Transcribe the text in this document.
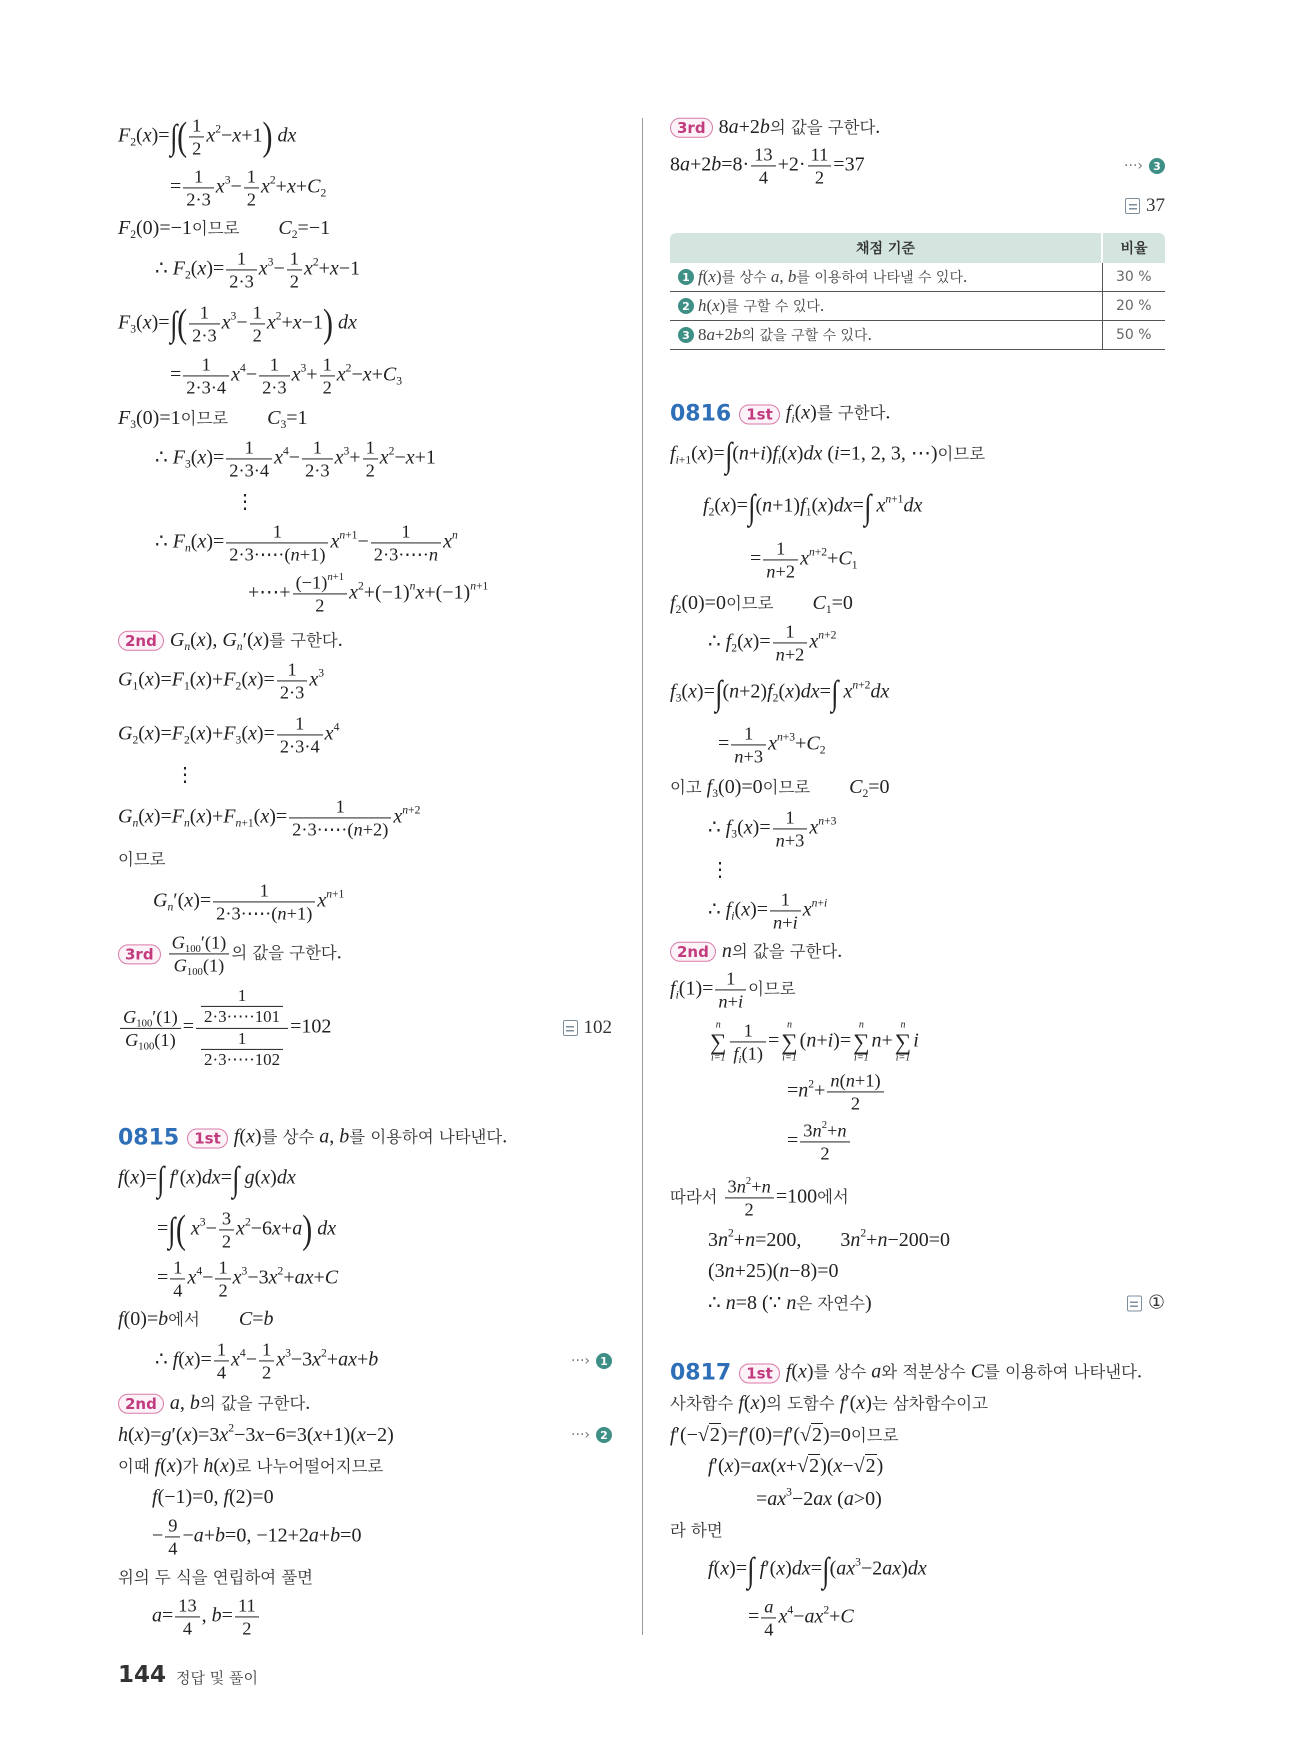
$F_2(x)=\int( \frac{1}{2} x^2-x+1)$ dx
= $\frac{1}{2\cdot 3} x^3- \frac{1}{2} x^2+x+C_2$
$F_2(0)=-1$이므로 $C_2=-1$
∴ $F_2(x)= \frac{1}{2\cdot 3} x^3- \frac{1}{2} x^2+x-1$
$F_3(x)=\int( \frac{1}{2\cdot 3} x^3- \frac{1}{2} x^2+x-1)$ dx
= $\frac{1}{2\cdot 3\cdot 4} x^4- \frac{1}{2\cdot 3} x^3+ \frac{1}{2} x^2-x+C_3$
$F_3(0)=1$이므로 $C_3=1$
∴ $F_3(x)= \frac{1}{2\cdot 3\cdot 4} x^4- \frac{1}{2\cdot 3} x^3+ \frac{1}{2} x^2-x+1$
⋮
∴ $F_n(x)= \frac{1}{2\cdot 3\cdot\cdots\cdot(n+1)} x^{n+1}- \frac{1}{2\cdot 3\cdot\cdots\cdot n} x^n$
+⋯+ $\frac{(-1)^{n+1}}{2} x^2+(-1)^nx+(-1)^{n+1}$
2nd $G_n(x)$, $G_n'(x)$를 구한다.
$G_1(x)=F_1(x)+F_2(x)= \frac{1}{2\cdot 3} x^3$
$G_2(x)=F_2(x)+F_3(x)= \frac{1}{2\cdot 3\cdot 4} x^4$
⋮
$G_n(x)=F_n(x)+F_{n+1}(x)= \frac{1}{2\cdot 3\cdot\cdots\cdot(n+2)} x^{n+2}$
이므로
$G_n'(x)= \frac{1}{2\cdot 3\cdot\cdots\cdot(n+1)} x^{n+1}$
$3rd \frac{G_{100}'(1)}{G_{100}(1)}$ 의 값을 구한다.
$\frac{G_{100}'(1)}{G_{100}(1)} = \frac{\frac{1}{2\cdot 3\cdot\cdots\cdot 101}}{\frac{1}{2\cdot 3\cdot\cdots\cdot 102}} =102$	102
0815 1st f(x)를 상수 a, b를 이용하여 나타낸다.
f(x)=∫ f′(x)dx=∫ g(x)dx
=∫( $x^3- \frac{3}{2} x^2-6x+a$) dx
= $\frac{1}{4} x^4- \frac{1}{2} x^3-3x^2+ax+C$
f(0)=b에서 C=b
∴ $f(x)= \frac{1}{4} x^4- \frac{1}{2} x^3-3x^2+ax+b$	···› 1
2nd a, b의 값을 구한다.
$h(x)=g'(x)=3x^2-3x-6=3(x+1)(x-2)$	···› 2
이때 f(x)가 h(x)로 나누어떨어지므로
f(−1)=0, f(2)=0
− $\frac{9}{4} -a+b=0$, −12+2a+b=0
위의 두 식을 연립하여 풀면
$a= \frac{13}{4}$ , $b= \frac{11}{2}$
3rd 8a+2b의 값을 구한다.
$8a+2b=8\cdot \frac{13}{4} +2\cdot \frac{11}{2} =37$	···› 3
37
채점 기준	비율

1 f(x)를 상수 a, b를 이용하여 나타낼 수 있다.	30 %

2 h(x)를 구할 수 있다.	20 %

3 8a+2b의 값을 구할 수 있다.	50 %
0816 1st $f_i(x)$를 구한다.
$f_{i+1}(x)=\int(n+i)f_i(x)dx$ (i=1, 2, 3, ⋯)이므로
$f_2(x)=\int(n+1)f_1(x)dx=\int$ $x^{n+1}dx$
= $\frac{1}{n+2} x^{n+2}+C_1$
$f_2(0)=0$이므로 $C_1=0$
∴ $f_2(x)= \frac{1}{n+2} x^{n+2}$
$f_3(x)=\int(n+2)f_2(x)dx=\int$ $x^{n+2}dx$
= $\frac{1}{n+3} x^{n+3}+C_2$
이고 $f_3(0)=0$이므로 $C_2=0$
∴ $f_3(x)= \frac{1}{n+3} x^{n+3}$
⋮
∴ $f_i(x)= \frac{1}{n+i} x^{n+i}$
2nd n의 값을 구한다.
$f_i(1)= \frac{1}{n+i}$ 이므로
n
∑
$i=1 \frac{1}{f_i(1)}$ =
n
∑
i=1
(n+i)=
n
∑
i=1
n+
n
∑
i=1
i
$=n^2+ \frac{n(n+1)}{2}$
= $\frac{3n^2+n}{2}$
따라서 $\frac{3n^2+n}{2} =100$에서
$3n^2+n=200$, $3n^2+n-200=0$
(3n+25)(n−8)=0
∴ n=8 (∵ n은 자연수)	①
0817 1st f(x)를 상수 a와 적분상수 C를 이용하여 나타낸다.
사차함수 f(x)의 도함수 f′(x)는 삼차함수이고
f′(−√2)=f′(0)=f′(√2)=0이므로
f′(x)=ax(x+√2)(x−√2)
$=ax^3-2ax$ (a>0)
라 하면
f(x)=∫ $f'(x)dx=\int(ax^3-2ax)dx$
= $\frac{a}{4} x^4-ax^2+C$
144 정답 및 풀이
